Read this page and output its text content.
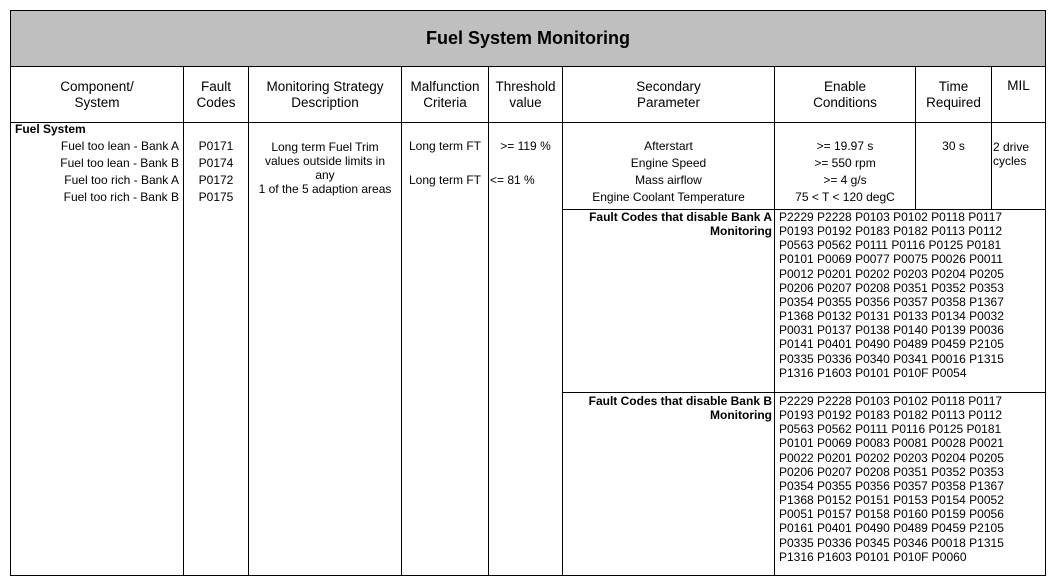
Fuel System Monitoring
Component/
System
Fault
Codes
Monitoring Strategy
Description
Malfunction
Criteria
Threshold
value
Secondary
Parameter
Enable
Conditions
Time
Required
MIL
Fuel System
Fuel too lean - Bank A
Fuel too lean - Bank B
Fuel too rich - Bank A
Fuel too rich - Bank B
P0171
P0174
P0172
P0175
Long term Fuel Trim
values outside limits in
any
1 of the 5 adaption areas
Long term FT

Long term FT
>= 119 %

<= 81 %
Afterstart
Engine Speed
Mass airflow
Engine Coolant Temperature
>= 19.97 s
>= 550 rpm
>= 4 g/s
75 < T < 120 degC
30 s	2 drive
cycles
Fault Codes that disable Bank A
Monitoring
P2229 P2228 P0103 P0102 P0118 P0117
P0193 P0192 P0183 P0182 P0113 P0112
P0563 P0562 P0111 P0116 P0125 P0181
P0101 P0069 P0077 P0075 P0026 P0011
P0012 P0201 P0202 P0203 P0204 P0205
P0206 P0207 P0208 P0351 P0352 P0353
P0354 P0355 P0356 P0357 P0358 P1367
P1368 P0132 P0131 P0133 P0134 P0032
P0031 P0137 P0138 P0140 P0139 P0036
P0141 P0401 P0490 P0489 P0459 P2105
P0335 P0336 P0340 P0341 P0016 P1315
P1316 P1603 P0101 P010F P0054
Fault Codes that disable Bank B
Monitoring
P2229 P2228 P0103 P0102 P0118 P0117
P0193 P0192 P0183 P0182 P0113 P0112
P0563 P0562 P0111 P0116 P0125 P0181
P0101 P0069 P0083 P0081 P0028 P0021
P0022 P0201 P0202 P0203 P0204 P0205
P0206 P0207 P0208 P0351 P0352 P0353
P0354 P0355 P0356 P0357 P0358 P1367
P1368 P0152 P0151 P0153 P0154 P0052
P0051 P0157 P0158 P0160 P0159 P0056
P0161 P0401 P0490 P0489 P0459 P2105
P0335 P0336 P0345 P0346 P0018 P1315
P1316 P1603 P0101 P010F P0060
